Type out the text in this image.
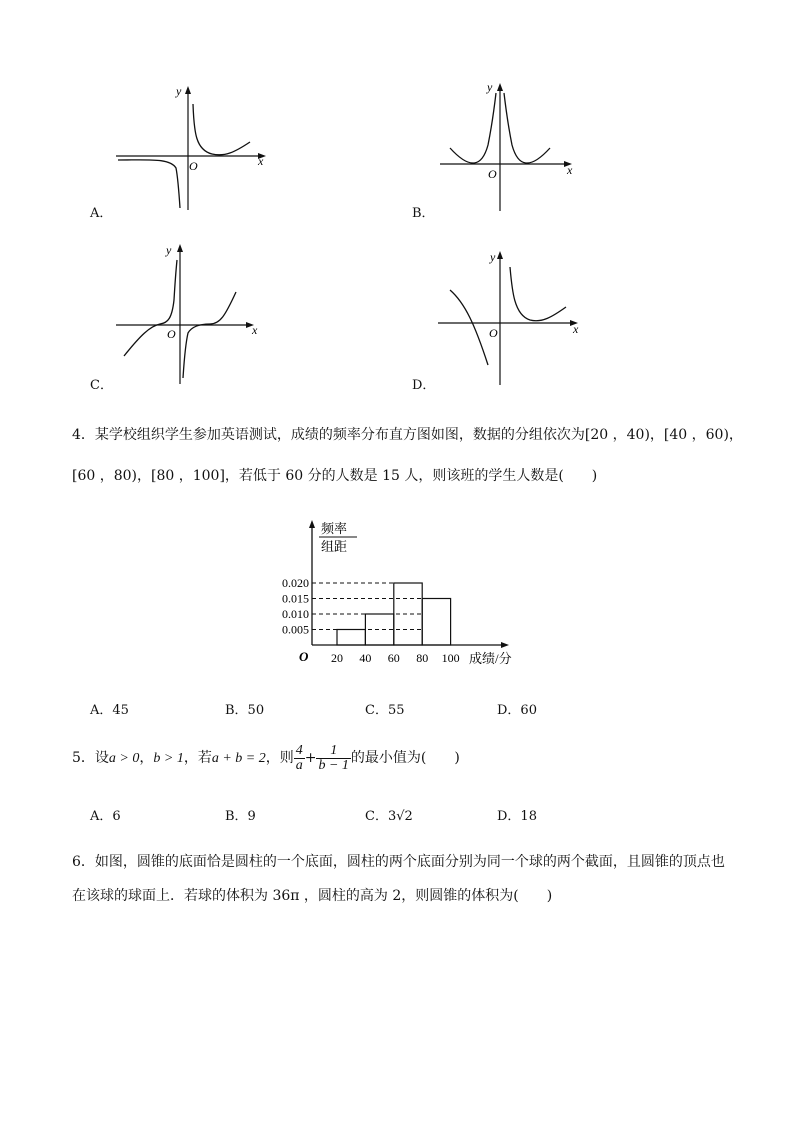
y
x
O
A．
y
x
O
B．
y
x
O
C．
y
x
O
D．
4．某学校组织学生参加英语测试，成绩的频率分布直方图如图，数据的分组依次为[20 ，40)，[40 ，60)，
[60 ，80)，[80 ，100]，若低于 60 分的人数是 15 人，则该班的学生人数是(　　)
频率
组距
0.005
0.010
0.015
0.020
20 40 60 80 100
O	成绩/分
A．45	B．50	C．55	D．60
5．设a > 0，b > 1，若a + b = 2，则 $\frac{4}{a} + \frac{1}{b - 1}$ 的最小值为(　　)
A．6	B．9	C．3√2	D．18
6．如图，圆锥的底面恰是圆柱的一个底面，圆柱的两个底面分别为同一个球的两个截面，且圆锥的顶点也
在该球的球面上．若球的体积为 36π ，圆柱的高为 2，则圆锥的体积为(　　)
